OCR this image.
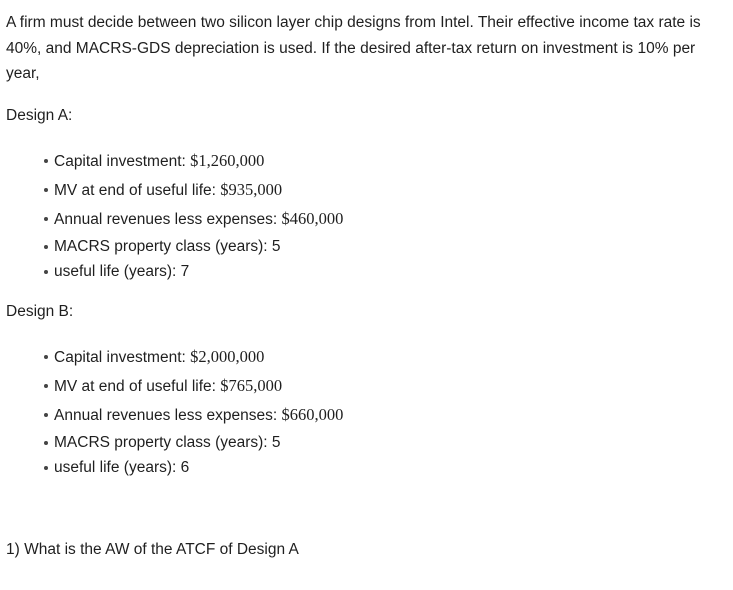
A firm must decide between two silicon layer chip designs from Intel. Their effective income tax rate is 40%, and MACRS-GDS depreciation is used. If the desired after-tax return on investment is 10% per year,

Design A:

Capital investment: $1,260,000
MV at end of useful life: $935,000
Annual revenues less expenses: $460,000
MACRS property class (years): 5
useful life (years): 7

Design B:

Capital investment: $2,000,000
MV at end of useful life: $765,000
Annual revenues less expenses: $660,000
MACRS property class (years): 5
useful life (years): 6

1) What is the AW of the ATCF of Design A
